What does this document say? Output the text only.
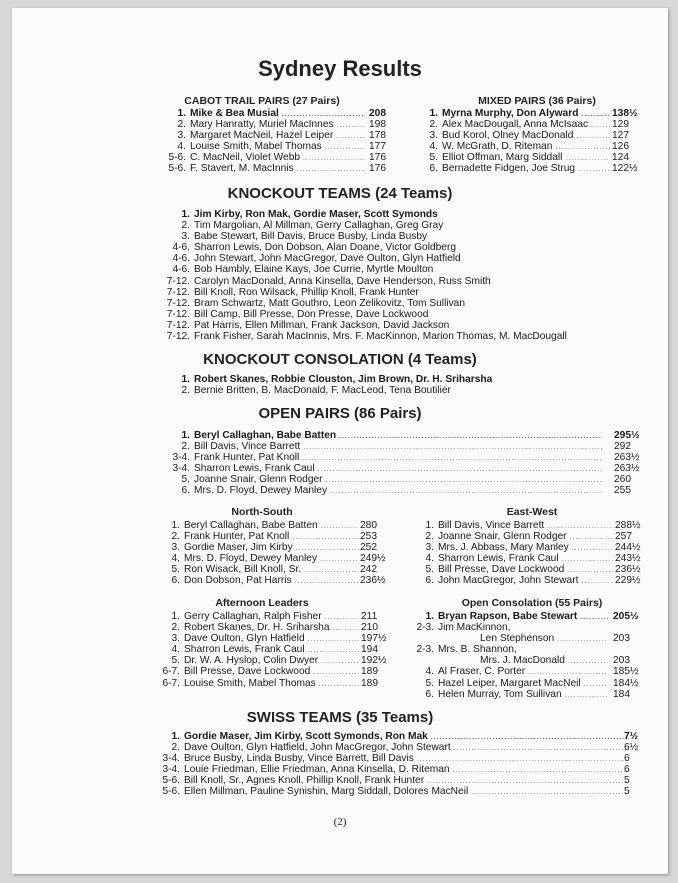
Sydney Results
CABOT TRAIL PAIRS (27 Pairs)
1. Mike & Bea Musial .....	208
2. Mary Hanratty, Muriel MacInnes .....	198
3. Margaret MacNeil, Hazel Leiper .....	178
4. Louise Smith, Mabel Thomas .....	177
5-6. C. MacNeil, Violet Webb .....	176
5-6. F. Stavert, M. MacInnis .....	176
MIXED PAIRS (36 Pairs)
1. Myrna Murphy, Don Alyward .....	138½
2. Alex MacDougall, Anna McIsaac .....	129
3. Bud Korol, Olney MacDonald .....	127
4. W. McGrath, D. Riteman .....	126
5. Elliot Offman, Marg Siddall .....	124
6. Bernadette Fidgen, Joe Strug .....	122½
KNOCKOUT TEAMS (24 Teams)
1. Jim Kirby, Ron Mak, Gordie Maser, Scott Symonds
2. Tim Margolian, Al Millman, Gerry Callaghan, Greg Gray
3. Babe Stewart, Bill Davis, Bruce Busby, Linda Busby
4-6. Sharron Lewis, Don Dobson, Alan Doane, Victor Goldberg
4-6. John Stewart, John MacGregor, Dave Oulton, Glyn Hatfield
4-6. Bob Hambly, Elaine Kays, Joe Currie, Myrtle Moulton
7-12. Carolyn MacDonald, Anna Kinsella, Dave Henderson, Russ Smith
7-12. Bill Knoll, Ron Wilsack, Phillip Knoll, Frank Hunter
7-12. Bram Schwartz, Matt Gouthro, Leon Zelikovitz, Tom Sullivan
7-12. Bill Camp, Bill Presse, Don Presse, Dave Lockwood
7-12. Pat Harris, Ellen Millman, Frank Jackson, David Jackson
7-12. Frank Fisher, Sarah MacInnis, Mrs. F. MacKinnon, Marion Thomas, M. MacDougall
KNOCKOUT CONSOLATION (4 Teams)
1. Robert Skanes, Robbie Clouston, Jim Brown, Dr. H. Sriharsha
2. Bernie Britten, B. MacDonald, F. MacLeod, Tena Boutilier
OPEN PAIRS (86 Pairs)
1. Beryl Callaghan, Babe Batten .....	295½
2. Bill Davis, Vince Barrett .....	292
3-4. Frank Hunter, Pat Knoll .....	263½
3-4. Sharron Lewis, Frank Caul .....	263½
5. Joanne Snair, Glenn Rodger .....	260
6. Mrs. D. Floyd, Dewey Manley .....	255
North-South
1. Beryl Callaghan, Babe Batten .....	280
2. Frank Hunter, Pat Knoll .....	253
3. Gordie Maser, Jim Kirby .....	252
4. Mrs. D. Floyd, Dewey Manley .....	249½
5. Ron Wisack, Bill Knoll, Sr. .....	242
6. Don Dobson, Pat Harris .....	236½
East-West
1. Bill Davis, Vince Barrett .....	288½
2. Joanne Snair, Glenn Rodger .....	257
3. Mrs. J. Abbass, Mary Manley .....	244½
4. Sharron Lewis, Frank Caul .....	243½
5. Bill Presse, Dave Lockwood .....	236½
6. John MacGregor, John Stewart .....	229½
Afternoon Leaders
1. Gerry Callaghan, Ralph Fisher .....	211
2. Robert Skanes, Dr. H. Sriharsha .....	210
3. Dave Oulton, Glyn Hatfield .....	197½
4. Sharron Lewis, Frank Caul .....	194
5. Dr. W. A. Hyslop, Colin Dwyer .....	192½
6-7. Bill Presse, Dave Lockwood .....	189
6-7. Louise Smith, Mabel Thomas .....	189
Open Consolation (55 Pairs)
1. Bryan Rapson, Babe Stewart .....	205½
2-3. Jim MacKinnon,
Len Stephenson .....	203
2-3. Mrs. B. Shannon,
Mrs. J. MacDonald .....	203
4. Al Fraser, C. Porter .....	185½
5. Hazel Leiper, Margaret MacNeil .....	184½
6. Helen Murray, Tom Sullivan .....	184
SWISS TEAMS (35 Teams)
1. Gordie Maser, Jim Kirby, Scott Symonds, Ron Mak .....	7½
2. Dave Oulton, Glyn Hatfield, John MacGregor, John Stewart .....	6½
3-4. Bruce Busby, Linda Busby, Vince Barrett, Bill Davis .....	6
3-4. Louie Friedman, Ellie Friedman, Anna Kinsella, D. Riteman .....	6
5-6. Bill Knoll, Sr., Agnes Knoll, Phillip Knoll, Frank Hunter .....	5
5-6. Ellen Millman, Pauline Synishin, Marg Siddall, Dolores MacNeil .....	5
(2)
